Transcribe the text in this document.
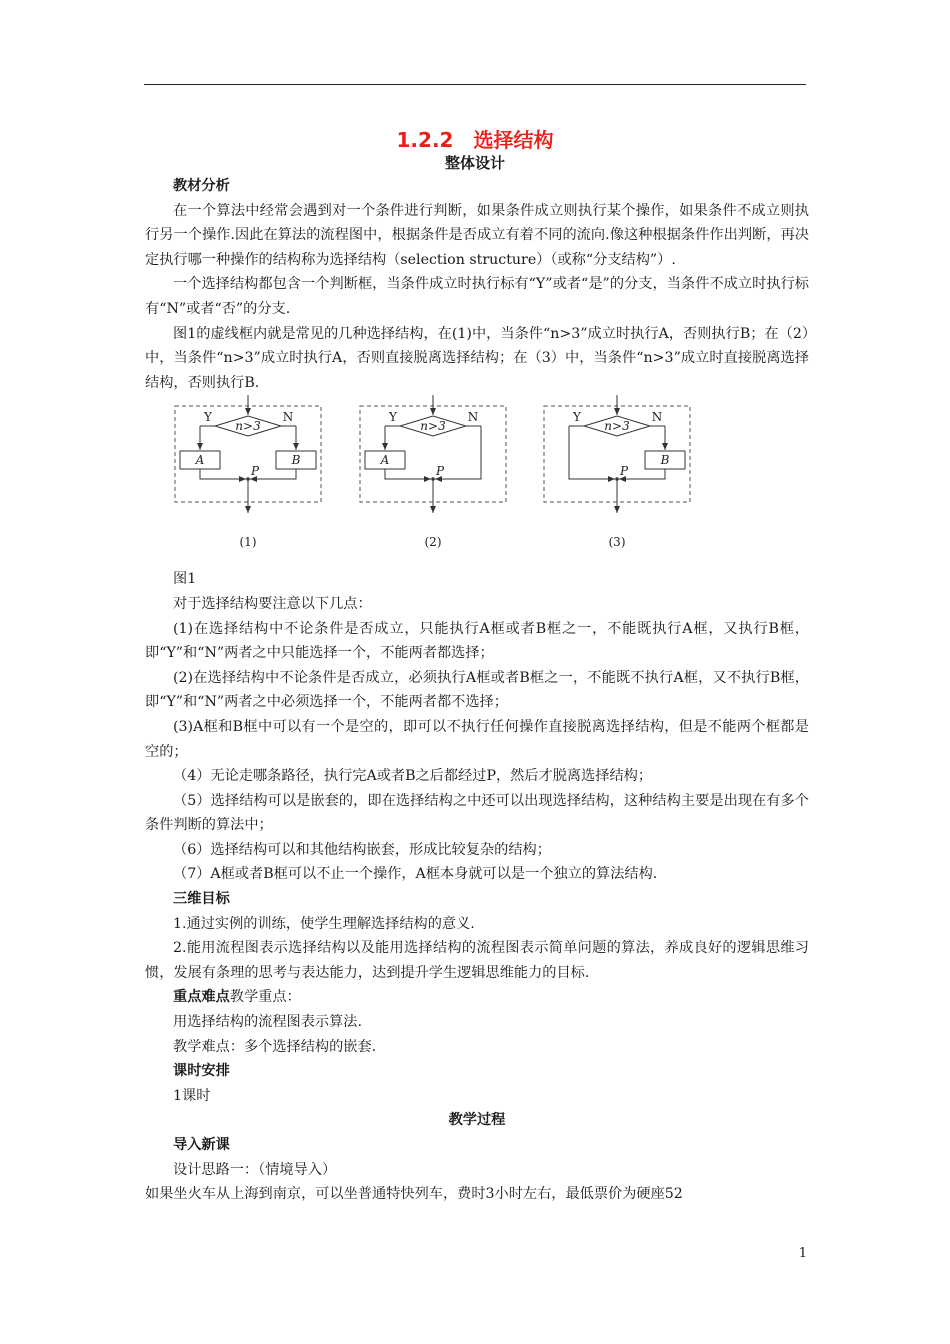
1.2.2　选择结构
整体设计

教材分析

在一个算法中经常会遇到对一个条件进行判断，如果条件成立则执行某个操作，如果条件不成立则执行另一个操作.因此在算法的流程图中，根据条件是否成立有着不同的流向.像这种根据条件作出判断，再决定执行哪一种操作的结构称为选择结构（selection structure）（或称“分支结构”）.

一个选择结构都包含一个判断框，当条件成立时执行标有“Y”或者“是”的分支，当条件不成立时执行标有“N”或者“否”的分支.

图1的虚线框内就是常见的几种选择结构，在(1)中，当条件“n>3”成立时执行A，否则执行B；在（2）中，当条件“n>3”成立时执行A，否则直接脱离选择结构；在（3）中，当条件“n>3”成立时直接脱离选择结构，否则执行B.

n>3
Y	N
A	B
P
(1)
n>3
Y	N
A
P
(2)
n>3
Y	N
B
P
(3)

图1

对于选择结构要注意以下几点：

(1)在选择结构中不论条件是否成立，只能执行A框或者B框之一，不能既执行A框，又执行B框，即“Y”和“N”两者之中只能选择一个，不能两者都选择；

(2)在选择结构中不论条件是否成立，必须执行A框或者B框之一，不能既不执行A框，又不执行B框，即“Y”和“N”两者之中必须选择一个，不能两者都不选择；

(3)A框和B框中可以有一个是空的，即可以不执行任何操作直接脱离选择结构，但是不能两个框都是空的；

（4）无论走哪条路径，执行完A或者B之后都经过P，然后才脱离选择结构；

（5）选择结构可以是嵌套的，即在选择结构之中还可以出现选择结构，这种结构主要是出现在有多个条件判断的算法中；

（6）选择结构可以和其他结构嵌套，形成比较复杂的结构；

（7）A框或者B框可以不止一个操作，A框本身就可以是一个独立的算法结构.

三维目标

1.通过实例的训练，使学生理解选择结构的意义.

2.能用流程图表示选择结构以及能用选择结构的流程图表示简单问题的算法，养成良好的逻辑思维习惯，发展有条理的思考与表达能力，达到提升学生逻辑思维能力的目标.

重点难点教学重点：

用选择结构的流程图表示算法.

教学难点：多个选择结构的嵌套.

课时安排

1课时

教学过程

导入新课

设计思路一：（情境导入）

如果坐火车从上海到南京，可以坐普通特快列车，费时3小时左右，最低票价为硬座52

1
